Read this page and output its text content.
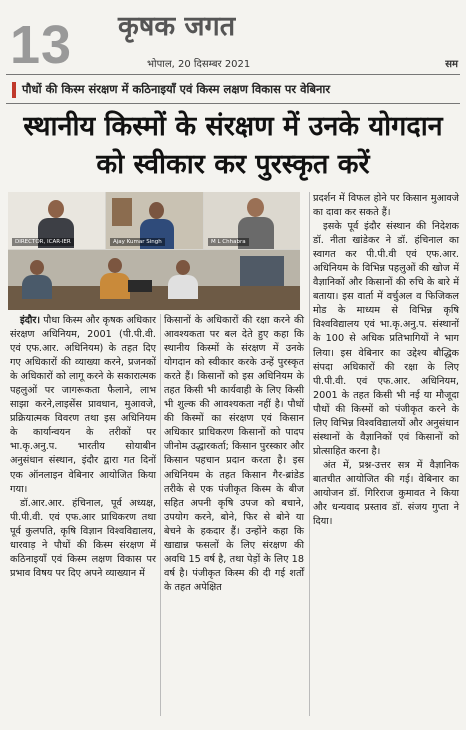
13 कृषक जगत
भोपाल, 20 दिसम्बर 2021	सम
पौधों की किस्म संरक्षण में कठिनाइयाँ एवं किस्म लक्षण विकास पर वेबिनार
स्थानीय किस्मों के संरक्षण में उनके योगदान को स्वीकार कर पुरस्कृत करें
DIRECTOR, ICAR-IER	Ajay Kumar Singh	M L Chhabra

इंदौर। पौधा किस्म और कृषक अधिकार संरक्षण अधिनियम, 2001 (पी.पी.वी. एवं एफ.आर. अधिनियम) के तहत दिए गए अधिकारों की व्याख्या करने, प्रजनकों के अधिकारों को लागू करने के सकारात्मक पहलुओं पर जागरूकता फैलाने, लाभ साझा करने,लाइसेंस प्रावधान, मुआवजे, प्रक्रियात्मक विवरण तथा इस अधिनियम के कार्यान्वयन के तरीकों पर भा.कृ.अनु.प. भारतीय सोयाबीन अनुसंधान संस्थान, इंदौर द्वारा गत दिनों एक ऑनलाइन वेबिनार आयोजित किया गया।

डॉ.आर.आर. हंचिनाल, पूर्व अध्यक्ष, पी.पी.वी. एवं एफ.आर प्राधिकरण तथा पूर्व कुलपति, कृषि विज्ञान विश्वविद्यालय, धारवाड़ ने पौधों की किस्म संरक्षण में कठिनाइयाँ एवं किस्म लक्षण विकास पर प्रभाव विषय पर दिए अपने व्याख्यान में

किसानों के अधिकारों की रक्षा करने की आवश्यकता पर बल देते हुए कहा कि स्थानीय किस्मों के संरक्षण में उनके योगदान को स्वीकार करके उन्हें पुरस्कृत करते हैं। किसानों को इस अधिनियम के तहत किसी भी कार्यवाही के लिए किसी भी शुल्क की आवश्यकता नहीं है। पौधों की किस्मों का संरक्षण एवं किसान अधिकार प्राधिकरण किसानों को पादप जीनोम उद्धारकर्ता; किसान पुरस्कार और किसान पहचान प्रदान करता है। इस अधिनियम के तहत किसान गैर-ब्रांडेड तरीके से एक पंजीकृत किस्म के बीज सहित अपनी कृषि उपज को बचाने, उपयोग करने, बोने, फिर से बोने या बेचने के हकदार हैं। उन्होंने कहा कि खाद्यान्न फसलों के लिए संरक्षण की अवधि 15 वर्ष है, तथा पेड़ों के लिए 18 वर्ष है। पंजीकृत किस्म की दी गई शर्तों के तहत अपेक्षित

प्रदर्शन में विफल होने पर किसान मुआवजे का दावा कर सकते हैं।

इसके पूर्व इंदौर संस्थान की निदेशक डॉ. नीता खांडेकर ने डॉ. हंचिनाल का स्वागत कर पी.पी.वी एवं एफ.आर. अधिनियम के विभिन्न पहलुओं की खोज में वैज्ञानिकों और किसानों की रुचि के बारे में बताया। इस वार्ता में वर्चुअल व फिजिकल मोड के माध्यम से विभिन्न कृषि विश्वविद्यालय एवं भा.कृ.अनु.प. संस्थानों के 100 से अधिक प्रतिभागियों ने भाग लिया। इस वेबिनार का उद्देश्य बौद्धिक संपदा अधिकारों की रक्षा के लिए पी.पी.वी. एवं एफ.आर. अधिनियम, 2001 के तहत किसी भी नई या मौजूदा पौधों की किस्मों को पंजीकृत करने के लिए विभिन्न विश्वविद्यालयों और अनुसंधान संस्थानों के वैज्ञानिकों एवं किसानों को प्रोत्साहित करना है।

अंत में, प्रश्न-उत्तर सत्र में वैज्ञानिक बातचीत आयोजित की गई। वेबिनार का आयोजन डॉ. गिरिराज कुमावत ने किया और धन्यवाद प्रस्ताव डॉ. संजय गुप्ता ने दिया।
